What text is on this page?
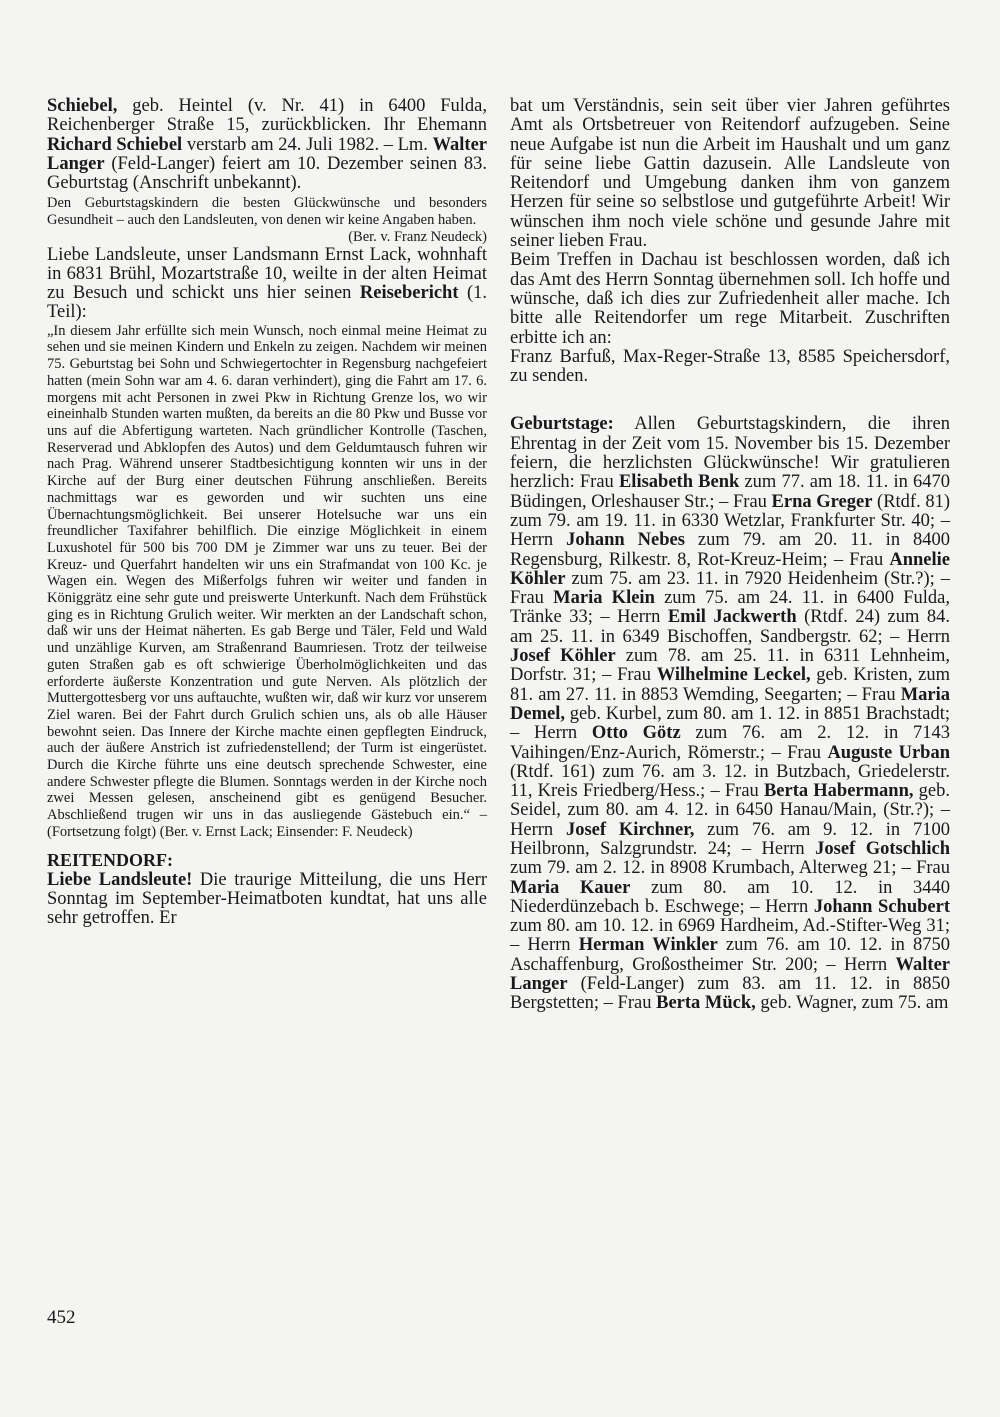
Schiebel, geb. Heintel (v. Nr. 41) in 6400 Fulda, Reichenberger Straße 15, zurückblicken. Ihr Ehemann Richard Schiebel verstarb am 24. Juli 1982. – Lm. Walter Langer (Feld-Langer) feiert am 10. Dezember seinen 83. Geburtstag (Anschrift unbekannt).

Den Geburtstagskindern die besten Glückwünsche und besonders Gesundheit – auch den Landsleuten, von denen wir keine Angaben haben.

(Ber. v. Franz Neudeck)

Liebe Landsleute, unser Landsmann Ernst Lack, wohnhaft in 6831 Brühl, Mozartstraße 10, weilte in der alten Heimat zu Besuch und schickt uns hier seinen Reisebericht (1. Teil):

„In diesem Jahr erfüllte sich mein Wunsch, noch einmal meine Heimat zu sehen und sie meinen Kindern und Enkeln zu zeigen. Nachdem wir meinen 75. Geburtstag bei Sohn und Schwiegertochter in Regensburg nachgefeiert hatten (mein Sohn war am 4. 6. daran verhindert), ging die Fahrt am 17. 6. morgens mit acht Personen in zwei Pkw in Richtung Grenze los, wo wir eineinhalb Stunden warten mußten, da bereits an die 80 Pkw und Busse vor uns auf die Abfertigung warteten. Nach gründlicher Kontrolle (Taschen, Reserverad und Abklopfen des Autos) und dem Geldumtausch fuhren wir nach Prag. Während unserer Stadtbesichtigung konnten wir uns in der Kirche auf der Burg einer deutschen Führung anschließen. Bereits nachmittags war es geworden und wir suchten uns eine Übernachtungsmöglichkeit. Bei unserer Hotelsuche war uns ein freundlicher Taxifahrer behilflich. Die einzige Möglichkeit in einem Luxushotel für 500 bis 700 DM je Zimmer war uns zu teuer. Bei der Kreuz- und Querfahrt handelten wir uns ein Strafmandat von 100 Kc. je Wagen ein. Wegen des Mißerfolgs fuhren wir weiter und fanden in Königgrätz eine sehr gute und preiswerte Unterkunft. Nach dem Frühstück ging es in Richtung Grulich weiter. Wir merkten an der Landschaft schon, daß wir uns der Heimat näherten. Es gab Berge und Täler, Feld und Wald und unzählige Kurven, am Straßenrand Baumriesen. Trotz der teilweise guten Straßen gab es oft schwierige Überholmöglichkeiten und das erforderte äußerste Konzentration und gute Nerven. Als plötzlich der Muttergottesberg vor uns auftauchte, wußten wir, daß wir kurz vor unserem Ziel waren. Bei der Fahrt durch Grulich schien uns, als ob alle Häuser bewohnt seien. Das Innere der Kirche machte einen gepflegten Eindruck, auch der äußere Anstrich ist zufriedenstellend; der Turm ist eingerüstet. Durch die Kirche führte uns eine deutsch sprechende Schwester, eine andere Schwester pflegte die Blumen. Sonntags werden in der Kirche noch zwei Messen gelesen, anscheinend gibt es genügend Besucher. Abschließend trugen wir uns in das ausliegende Gästebuch ein.“ – (Fortsetzung folgt) (Ber. v. Ernst Lack; Einsender: F. Neudeck)

REITENDORF:

Liebe Landsleute! Die traurige Mitteilung, die uns Herr Sonntag im September-Heimatboten kundtat, hat uns alle sehr getroffen. Er

bat um Verständnis, sein seit über vier Jahren geführtes Amt als Ortsbetreuer von Reitendorf aufzugeben. Seine neue Aufgabe ist nun die Arbeit im Haushalt und um ganz für seine liebe Gattin dazusein. Alle Landsleute von Reitendorf und Umgebung danken ihm von ganzem Herzen für seine so selbstlose und gutgeführte Arbeit! Wir wünschen ihm noch viele schöne und gesunde Jahre mit seiner lieben Frau.

Beim Treffen in Dachau ist beschlossen worden, daß ich das Amt des Herrn Sonntag übernehmen soll. Ich hoffe und wünsche, daß ich dies zur Zufriedenheit aller mache. Ich bitte alle Reitendorfer um rege Mitarbeit. Zuschriften erbitte ich an:

Franz Barfuß, Max-Reger-Straße 13, 8585 Speichersdorf, zu senden.

Geburtstage: Allen Geburtstagskindern, die ihren Ehrentag in der Zeit vom 15. November bis 15. Dezember feiern, die herzlichsten Glückwünsche! Wir gratulieren herzlich: Frau Elisabeth Benk zum 77. am 18. 11. in 6470 Büdingen, Orleshauser Str.; – Frau Erna Greger (Rtdf. 81) zum 79. am 19. 11. in 6330 Wetzlar, Frankfurter Str. 40; – Herrn Johann Nebes zum 79. am 20. 11. in 8400 Regensburg, Rilkestr. 8, Rot-Kreuz-Heim; – Frau Annelie Köhler zum 75. am 23. 11. in 7920 Heidenheim (Str.?); – Frau Maria Klein zum 75. am 24. 11. in 6400 Fulda, Tränke 33; – Herrn Emil Jackwerth (Rtdf. 24) zum 84. am 25. 11. in 6349 Bischoffen, Sandbergstr. 62; – Herrn Josef Köhler zum 78. am 25. 11. in 6311 Lehnheim, Dorfstr. 31; – Frau Wilhelmine Leckel, geb. Kristen, zum 81. am 27. 11. in 8853 Wemding, Seegarten; – Frau Maria Demel, geb. Kurbel, zum 80. am 1. 12. in 8851 Brachstadt; – Herrn Otto Götz zum 76. am 2. 12. in 7143 Vaihingen/Enz-Aurich, Römerstr.; – Frau Auguste Urban (Rtdf. 161) zum 76. am 3. 12. in Butzbach, Griedelerstr. 11, Kreis Friedberg/Hess.; – Frau Berta Habermann, geb. Seidel, zum 80. am 4. 12. in 6450 Hanau/Main, (Str.?); – Herrn Josef Kirchner, zum 76. am 9. 12. in 7100 Heilbronn, Salzgrundstr. 24; – Herrn Josef Gotschlich zum 79. am 2. 12. in 8908 Krumbach, Alterweg 21; – Frau Maria Kauer zum 80. am 10. 12. in 3440 Niederdünzebach b. Eschwege; – Herrn Johann Schubert zum 80. am 10. 12. in 6969 Hardheim, Ad.-Stifter-Weg 31; – Herrn Herman Winkler zum 76. am 10. 12. in 8750 Aschaffenburg, Großostheimer Str. 200; – Herrn Walter Langer (Feld-Langer) zum 83. am 11. 12. in 8850 Bergstetten; – Frau Berta Mück, geb. Wagner, zum 75. am

452
